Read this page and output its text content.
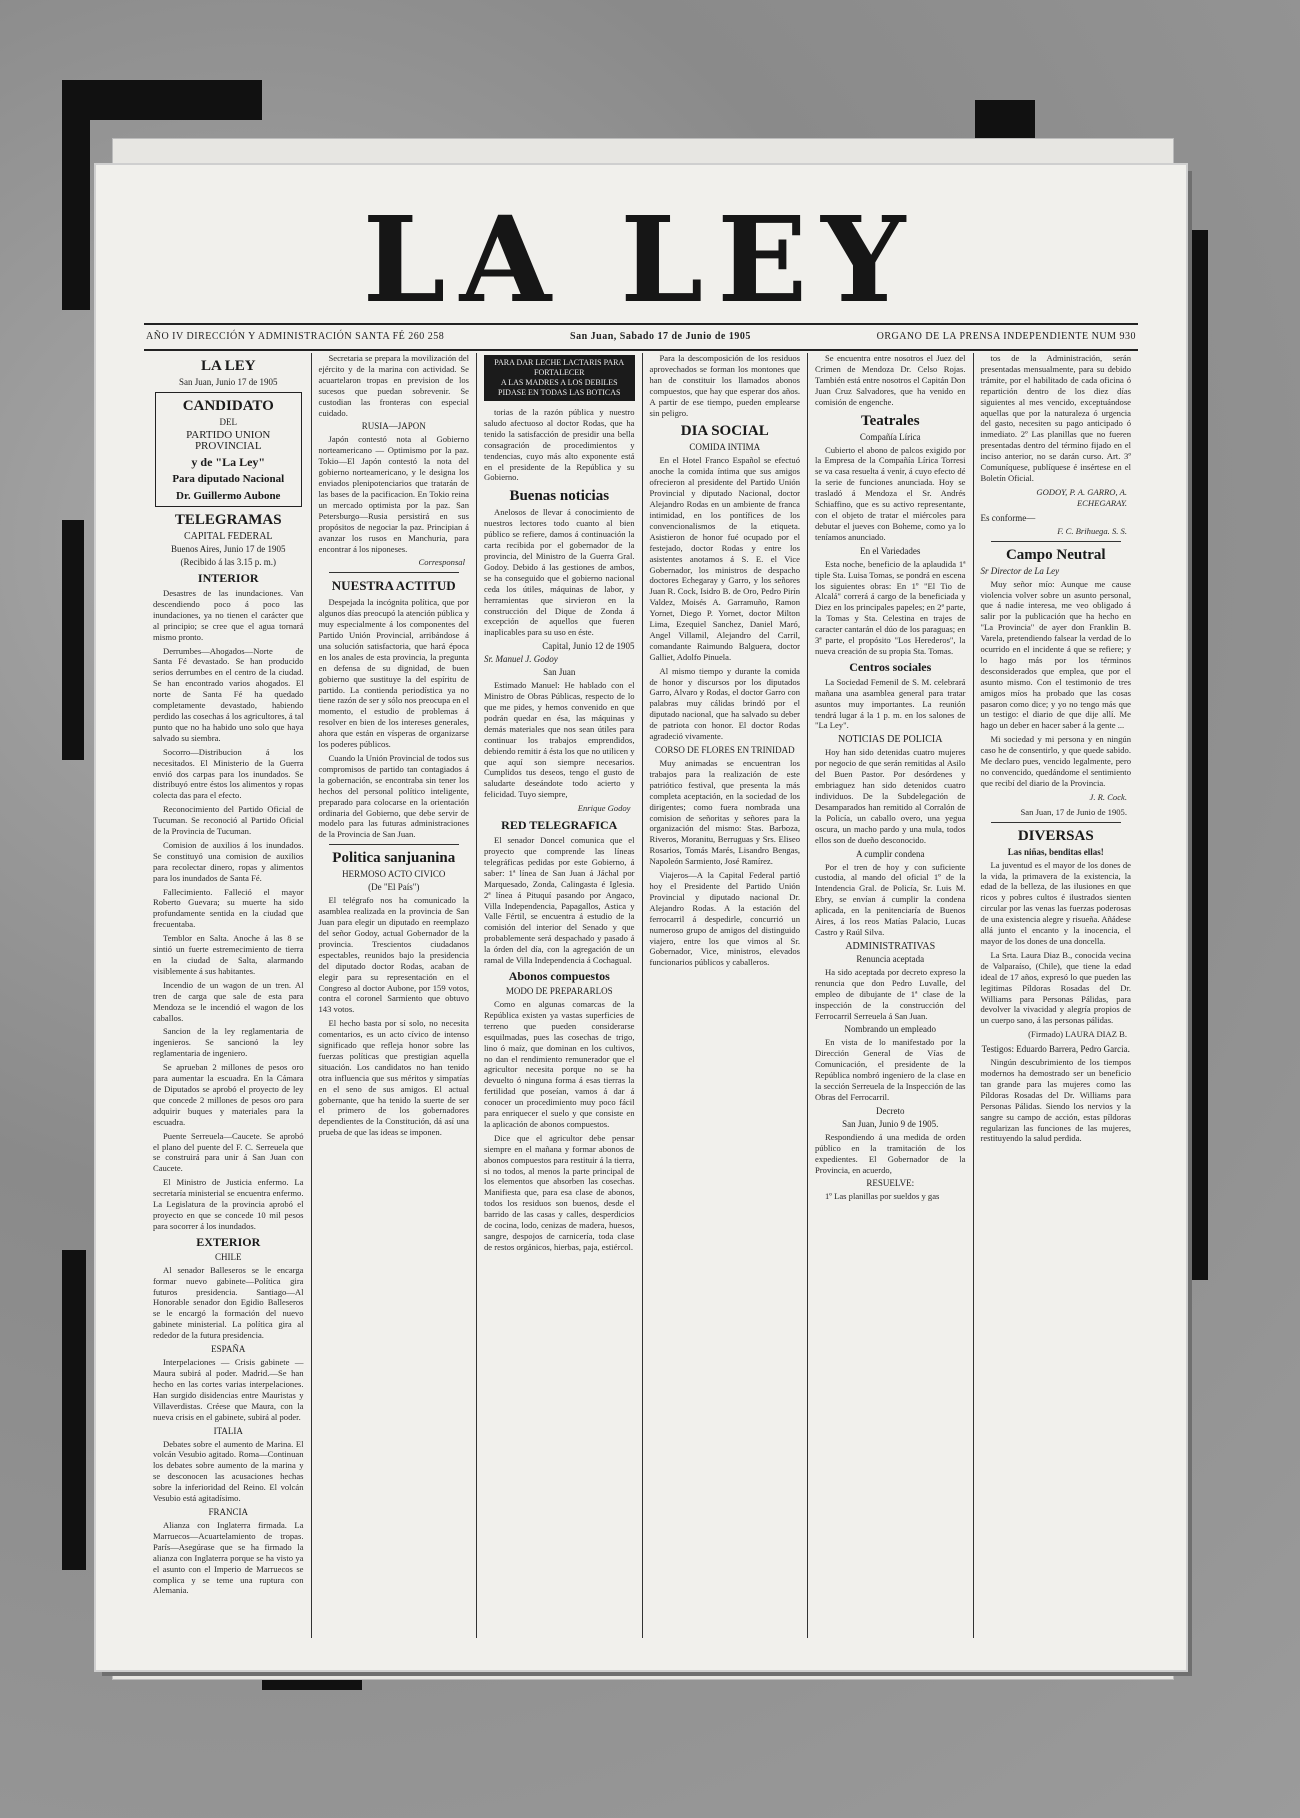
LA LEY
AÑO IV DIRECCIÓN Y ADMINISTRACIÓN SANTA FÉ 260 258	San Juan, Sabado 17 de Junio de 1905	ORGANO DE LA PRENSA INDEPENDIENTE NUM 930
LA LEY
San Juan, Junio 17 de 1905
CANDIDATO
DEL
PARTIDO UNION PROVINCIAL
y de "La Ley"
Para diputado Nacional
Dr. Guillermo Aubone
TELEGRAMAS
CAPITAL FEDERAL
Buenos Aires, Junio 17 de 1905
(Recibido á las 3.15 p. m.)
INTERIOR

Desastres de las inundaciones. Van descendiendo poco á poco las inundaciones, ya no tienen el carácter que al principio; se cree que el agua tornará mismo pronto.

Derrumbes—Ahogados—Norte de Santa Fé devastado. Se han producido serios derrumbes en el centro de la ciudad. Se han encontrado varios ahogados. El norte de Santa Fé ha quedado completamente devastado, habiendo perdido las cosechas á los agricultores, á tal punto que no ha habido uno solo que haya salvado su siembra.

Socorro—Distribucion á los necesitados. El Ministerio de la Guerra envió dos carpas para los inundados. Se distribuyó entre éstos los alimentos y ropas colecta das para el efecto.

Reconocimiento del Partido Oficial de Tucuman. Se reconoció al Partido Oficial de la Provincia de Tucuman.

Comision de auxilios á los inundados. Se constituyó una comision de auxilios para recolectar dinero, ropas y alimentos para los inundados de Santa Fé.

Fallecimiento. Falleció el mayor Roberto Guevara; su muerte ha sido profundamente sentida en la ciudad que frecuentaba.

Temblor en Salta. Anoche á las 8 se sintió un fuerte estremecimiento de tierra en la ciudad de Salta, alarmando visiblemente á sus habitantes.

Incendio de un wagon de un tren. Al tren de carga que sale de esta para Mendoza se le incendió el wagon de los caballos.

Sancion de la ley reglamentaria de ingenieros. Se sancionó la ley reglamentaria de ingeniero.

Se aprueban 2 millones de pesos oro para aumentar la escuadra. En la Cámara de Diputados se aprobó el proyecto de ley que concede 2 millones de pesos oro para adquirir buques y materiales para la escuadra.

Puente Serreuela—Caucete. Se aprobó el plano del puente del F. C. Serreuela que se construirá para unir á San Juan con Caucete.

El Ministro de Justicia enfermo. La secretaría ministerial se encuentra enfermo. La Legislatura de la provincia aprobó el proyecto en que se concede 10 mil pesos para socorrer á los inundados.

EXTERIOR
CHILE

Al senador Balleseros se le encarga formar nuevo gabinete—Política gira futuros presidencia. Santiago—Al Honorable senador don Egidio Balleseros se le encargó la formación del nuevo gabinete ministerial. La política gira al rededor de la futura presidencia.

ESPAÑA

Interpelaciones — Crisis gabinete — Maura subirá al poder. Madrid.—Se han hecho en las cortes varias interpelaciones. Han surgido disidencias entre Mauristas y Villaverdistas. Créese que Maura, con la nueva crisis en el gabinete, subirá al poder.

ITALIA

Debates sobre el aumento de Marina. El volcán Vesubio agitado. Roma—Continuan los debates sobre aumento de la marina y se desconocen las acusaciones hechas sobre la inferioridad del Reino. El volcán Vesubio está agitadísimo.

FRANCIA

Alianza con Inglaterra firmada. La Marruecos—Acuartelamiento de tropas. París—Asegúrase que se ha firmado la alianza con Inglaterra porque se ha visto ya el asunto con el Imperio de Marruecos se complica y se teme una ruptura con Alemania.

Secretaria se prepara la movilización del ejército y de la marina con actividad. Se acuartelaron tropas en prevision de los sucesos que puedan sobrevenir. Se custodian las fronteras con especial cuidado.

RUSIA—JAPON

Japón contestó nota al Gobierno norteamericano — Optimismo por la paz. Tokio—El Japón contestó la nota del gobierno norteamericano, y le designa los enviados plenipotenciarios que tratarán de las bases de la pacificacion. En Tokio reina un mercado optimista por la paz. San Petersburgo—Rusia persistirá en sus propósitos de negociar la paz. Principian á avanzar los rusos en Manchuria, para encontrar á los niponeses.

Corresponsal
NUESTRA ACTITUD

Despejada la incógnita política, que por algunos días preocupó la atención pública y muy especialmente á los componentes del Partido Unión Provincial, arribándose á una solución satisfactoria, que hará época en los anales de esta provincia, la pregunta en defensa de su dignidad, de buen gobierno que sustituye la del espíritu de partido. La contienda periodística ya no tiene razón de ser y sólo nos preocupa en el momento, el estudio de problemas á resolver en bien de los intereses generales, ahora que están en vísperas de organizarse los poderes públicos.

Cuando la Unión Provincial de todos sus compromisos de partido tan contagiados á la gobernación, se encontraba sin tener los hechos del personal político inteligente, preparado para colocarse en la orientación ordinaria del Gobierno, que debe servir de modelo para las futuras administraciones de la Provincia de San Juan.

Politica sanjuanina
HERMOSO ACTO CIVICO
(De "El País")

El telégrafo nos ha comunicado la asamblea realizada en la provincia de San Juan para elegir un diputado en reemplazo del señor Godoy, actual Gobernador de la provincia. Trescientos ciudadanos espectables, reunidos bajo la presidencia del diputado doctor Rodas, acaban de elegir para su representación en el Congreso al doctor Aubone, por 159 votos, contra el coronel Sarmiento que obtuvo 143 votos.

El hecho basta por sí solo, no necesita comentarios, es un acto cívico de intenso significado que refleja honor sobre las fuerzas políticas que prestigian aquella situación. Los candidatos no han tenido otra influencia que sus méritos y simpatías en el seno de sus amigos. El actual gobernante, que ha tenido la suerte de ser el primero de los gobernadores dependientes de la Constitución, dá así una prueba de que las ideas se imponen.

PARA DAR LECHE LACTARIS PARA FORTALECER
A LAS MADRES A LOS DEBILES
PIDASE EN TODAS LAS BOTICAS

torias de la razón pública y nuestro saludo afectuoso al doctor Rodas, que ha tenido la satisfacción de presidir una bella consagración de procedimientos y tendencias, cuyo más alto exponente está en el presidente de la República y su Gobierno.

Buenas noticias

Anelosos de llevar á conocimiento de nuestros lectores todo cuanto al bien público se refiere, damos á continuación la carta recibida por el gobernador de la provincia, del Ministro de la Guerra Gral. Godoy. Debido á las gestiones de ambos, se ha conseguido que el gobierno nacional ceda los útiles, máquinas de labor, y herramientas que sirvieron en la construcción del Dique de Zonda á excepción de aquellos que fueren inaplicables para su uso en éste.

Capital, Junio 12 de 1905
Sr. Manuel J. Godoy
San Juan

Estimado Manuel: He hablado con el Ministro de Obras Públicas, respecto de lo que me pides, y hemos convenido en que podrán quedar en ésa, las máquinas y demás materiales que nos sean útiles para continuar los trabajos emprendidos, debiendo remitir á ésta los que no utilicen y que aquí son siempre necesarios. Cumplidos tus deseos, tengo el gusto de saludarte deseándote todo acierto y felicidad. Tuyo siempre,

Enrique Godoy
RED TELEGRAFICA

El senador Doncel comunica que el proyecto que comprende las líneas telegráficas pedidas por este Gobierno, á saber: 1ª línea de San Juan á Jáchal por Marquesado, Zonda, Calingasta é Iglesia. 2ª línea á Pituquí pasando por Angaco, Villa Independencia, Papagallos, Astica y Valle Fértil, se encuentra á estudio de la comisión del interior del Senado y que probablemente será despachado y pasado á la órden del día, con la agregación de un ramal de Villa Independencia á Cochagual.

Abonos compuestos
MODO DE PREPARARLOS

Como en algunas comarcas de la República existen ya vastas superficies de terreno que pueden considerarse esquilmadas, pues las cosechas de trigo, lino ó maíz, que dominan en los cultivos, no dan el rendimiento remunerador que el agricultor necesita porque no se ha devuelto ó ninguna forma á esas tierras la fertilidad que poseían, vamos á dar á conocer un procedimiento muy poco fácil para enriquecer el suelo y que consiste en la aplicación de abonos compuestos.

Dice que el agricultor debe pensar siempre en el mañana y formar abonos de abonos compuestos para restituir á la tierra, si no todos, al menos la parte principal de los elementos que absorben las cosechas. Manifiesta que, para esa clase de abonos, todos los residuos son buenos, desde el barrido de las casas y calles, desperdicios de cocina, lodo, cenizas de madera, huesos, sangre, despojos de carnicería, toda clase de restos orgánicos, hierbas, paja, estiércol.

Para la descomposición de los residuos aprovechados se forman los montones que han de constituir los llamados abonos compuestos, que hay que esperar dos años. A partir de ese tiempo, pueden emplearse sin peligro.

DIA SOCIAL
COMIDA INTIMA

En el Hotel Franco Español se efectuó anoche la comida íntima que sus amigos ofrecieron al presidente del Partido Unión Provincial y diputado Nacional, doctor Alejandro Rodas en un ambiente de franca intimidad, en los pontífices de los convencionalismos de la etiqueta. Asistieron de honor fué ocupado por el festejado, doctor Rodas y entre los asistentes anotamos á S. E. el Vice Gobernador, los ministros de despacho doctores Echegaray y Garro, y los señores Juan R. Cock, Isidro B. de Oro, Pedro Pirín Valdez, Moisés A. Garramuño, Ramon Yornet, Diego P. Yornet, doctor Milton Lima, Ezequiel Sanchez, Daniel Maró, Angel Villamil, Alejandro del Carril, comandante Raimundo Balguera, doctor Galliet, Adolfo Pinuela.

Al mismo tiempo y durante la comida de honor y discursos por los diputados Garro, Alvaro y Rodas, el doctor Garro con palabras muy cálidas brindó por el diputado nacional, que ha salvado su deber de patriota con honor. El doctor Rodas agradeció vivamente.

CORSO DE FLORES EN TRINIDAD

Muy animadas se encuentran los trabajos para la realización de este patriótico festival, que presenta la más completa aceptación, en la sociedad de los dirigentes; como fuera nombrada una comision de señoritas y señores para la organización del mismo: Stas. Barboza, Riveros, Moranitu, Berruguas y Srs. Eliseo Rosarios, Tomás Marés, Lisandro Bengas, Napoleón Sarmiento, José Ramírez.

Viajeros—A la Capital Federal partió hoy el Presidente del Partido Unión Provincial y diputado nacional Dr. Alejandro Rodas. A la estación del ferrocarril á despedirle, concurrió un numeroso grupo de amigos del distinguido viajero, entre los que vimos al Sr. Gobernador, Vice, ministros, elevados funcionarios públicos y caballeros.

Se encuentra entre nosotros el Juez del Crimen de Mendoza Dr. Celso Rojas. También está entre nosotros el Capitán Don Juan Cruz Salvadores, que ha venido en comisión de engenche.

Teatrales
Compañía Lírica

Cubierto el abono de palcos exigido por la Empresa de la Compañía Lírica Torresi se va casa resuelta á venir, á cuyo efecto dé la serie de funciones anunciada. Hoy se trasladó á Mendoza el Sr. Andrés Schiaffino, que es su activo representante, con el objeto de tratar el miércoles para debutar el jueves con Boheme, como ya lo teníamos anunciado.

En el Variedades

Esta noche, beneficio de la aplaudida 1ª tiple Sta. Luisa Tomas, se pondrá en escena los siguientes obras: En 1º "El Tio de Alcalá" correrá á cargo de la beneficiada y Diez en los principales papeles; en 2ª parte, la Tomas y Sta. Celestina en trajes de caracter cantarán el dúo de los paraguas; en 3ª parte, el propósito "Los Herederos", la nueva creación de su propia Sta. Tomas.

Centros sociales

La Sociedad Femenil de S. M. celebrará mañana una asamblea general para tratar asuntos muy importantes. La reunión tendrá lugar á la 1 p. m. en los salones de "La Ley".

NOTICIAS DE POLICIA

Hoy han sido detenidas cuatro mujeres por negocio de que serán remitidas al Asilo del Buen Pastor. Por desórdenes y embriaguez han sido detenidos cuatro individuos. De la Subdelegación de Desamparados han remitido al Corralón de la Policía, un caballo overo, una yegua oscura, un macho pardo y una mula, todos ellos son de dueño desconocido.

A cumplir condena

Por el tren de hoy y con suficiente custodia, al mando del oficial 1º de la Intendencia Gral. de Policía, Sr. Luis M. Ebry, se envían á cumplir la condena aplicada, en la penitenciaría de Buenos Aires, á los reos Matías Palacio, Lucas Castro y Raúl Silva.

ADMINISTRATIVAS
Renuncia aceptada

Ha sido aceptada por decreto expreso la renuncia que don Pedro Luvalle, del empleo de dibujante de 1ª clase de la inspección de la construcción del Ferrocarril Serreuela á San Juan.

Nombrando un empleado

En vista de lo manifestado por la Dirección General de Vías de Comunicación, el presidente de la República nombró ingeniero de la clase en la sección Serreuela de la Inspección de las Obras del Ferrocarril.

Decreto
San Juan, Junio 9 de 1905.

Respondiendo á una medida de orden público en la tramitación de los expedientes. El Gobernador de la Provincia, en acuerdo,

RESUELVE:

1º Las planillas por sueldos y gas

tos de la Administración, serán presentadas mensualmente, para su debido trámite, por el habilitado de cada oficina ó repartición dentro de los diez días siguientes al mes vencido, exceptuándose aquellas que por la naturaleza ó urgencia del gasto, necesiten su pago anticipado ó inmediato. 2º Las planillas que no fueren presentadas dentro del término fijado en el inciso anterior, no se darán curso. Art. 3º Comuníquese, publíquese é insértese en el Boletín Oficial.

GODOY, P. A. GARRO, A. ECHEGARAY.
Es conforme—
F. C. Brihuega. S. S.
Campo Neutral
Sr Director de La Ley

Muy señor mío: Aunque me cause violencia volver sobre un asunto personal, que á nadie interesa, me veo obligado á salir por la publicación que ha hecho en "La Provincia" de ayer don Franklin B. Varela, pretendiendo falsear la verdad de lo ocurrido en el incidente á que se refiere; y lo hago más por los términos desconsiderados que emplea, que por el asunto mismo. Con el testimonio de tres amigos míos ha probado que las cosas pasaron como dice; y yo no tengo más que un testigo: el diario de que dije allí. Me hago un deber en hacer saber á la gente ...

Mi sociedad y mi persona y en ningún caso he de consentirlo, y que quede sabido. Me declaro pues, vencido legalmente, pero no convencido, quedándome el sentimiento que recibí del diario de la Provincia.

J. R. Cock.
San Juan, 17 de Junio de 1905.
DIVERSAS
Las niñas, benditas ellas!

La juventud es el mayor de los dones de la vida, la primavera de la existencia, la edad de la belleza, de las ilusiones en que ricos y pobres cultos é ilustrados sienten circular por las venas las fuerzas poderosas de una existencia alegre y risueña. Añádese allá junto el encanto y la inocencia, el mayor de los dones de una doncella.

La Srta. Laura Diaz B., conocida vecina de Valparaíso, (Chile), que tiene la edad ideal de 17 años, expresó lo que pueden las legitimas Píldoras Rosadas del Dr. Williams para Personas Pálidas, para devolver la vivacidad y alegría propios de un cuerpo sano, á las personas pálidas.

(Firmado) LAURA DIAZ B.
Testigos: Eduardo Barrera, Pedro Garcia.

Ningún descubrimiento de los tiempos modernos ha demostrado ser un beneficio tan grande para las mujeres como las Píldoras Rosadas del Dr. Williams para Personas Pálidas. Siendo los nervios y la sangre su campo de acción, estas píldoras regularizan las funciones de las mujeres, restituyendo la salud perdida.
